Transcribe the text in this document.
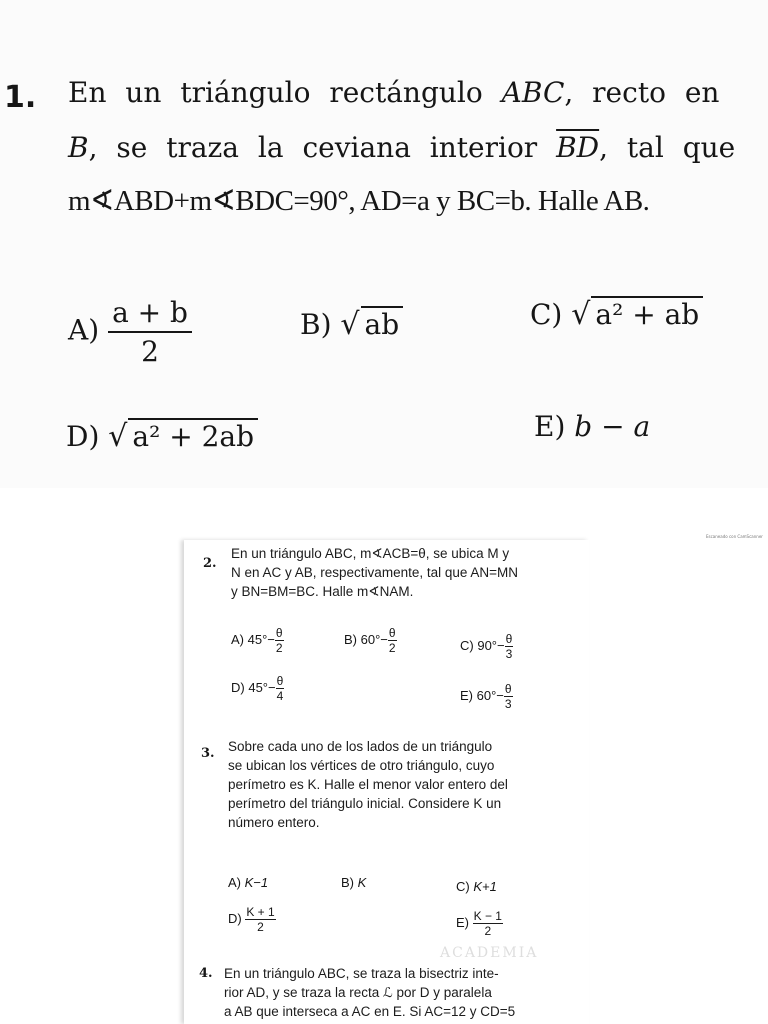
1. En un triángulo rectángulo ABC, recto en
B, se traza la ceviana interior $\overline{BD}$, tal que
m∢ABD+m∢BDC=90°, AD=a y BC=b. Halle AB.
$A) \frac{a + b}{2}$	B) √ ab	C) √ a² + ab
D) √ a² + 2ab	E) b − a
Escaneado con CamScanner
2.
En un triángulo ABC, m∢ACB=θ, se ubica M y
N en AC y AB, respectivamente, tal que AN=MN
y BN=BM=BC. Halle m∢NAM.
A) $45^\circ- \frac{\theta}{2}$	B) $60^\circ- \frac{\theta}{2}$	C) $90^\circ- \frac{\theta}{3}$
D) $45^\circ- \frac{\theta}{4}$	E) $60^\circ- \frac{\theta}{3}$
3. Sobre cada uno de los lados de un triángulo
se ubican los vértices de otro triángulo, cuyo
perímetro es K. Halle el menor valor entero del
perímetro del triángulo inicial. Considere K un
número entero.
A) K−1	B) K	C) K+1
$D) \frac{K + 1}{2}$	$E) \frac{K - 1}{2}$
ACADEMIA
4. En un triángulo ABC, se traza la bisectriz inte-
rior AD, y se traza la recta ℒ por D y paralela
a AB que interseca a AC en E. Si AC=12 y CD=5
